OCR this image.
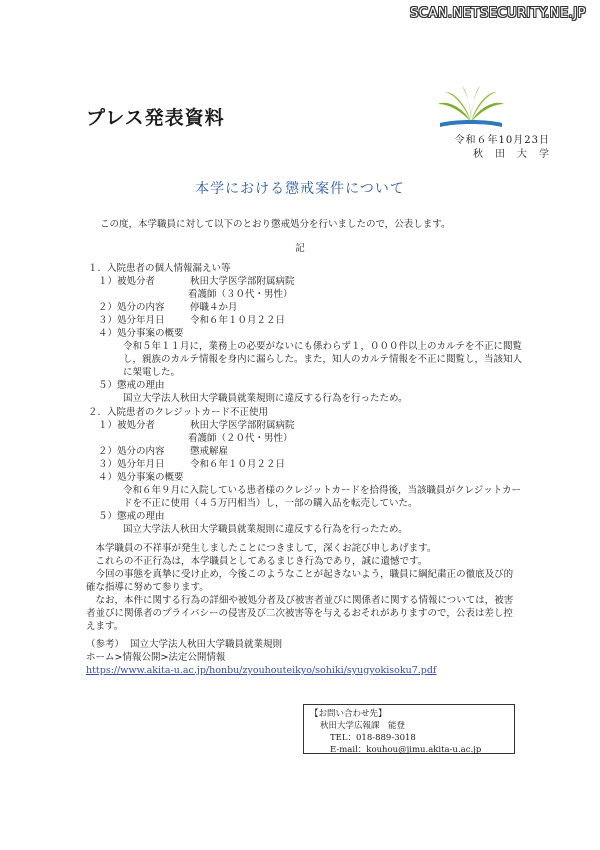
SCAN.NETSECURITY.NE.JP
プレス発表資料
令和６年10月23日
秋　田　大　学
本学における懲戒案件について
この度，本学職員に対して以下のとおり懲戒処分を行いましたので，公表します。
記
１．入院患者の個人情報漏えい等
１）被処分者	秋田大学医学部附属病院
看護師（３０代・男性）
２）処分の内容	停職４か月
３）処分年月日	令和６年１０月２２日
４）処分事案の概要
令和５年１１月に，業務上の必要がないにも係わらず１，０００件以上のカルテを不正に閲覧し，親族のカルテ情報を身内に漏らした。また，知人のカルテ情報を不正に閲覧し，当該知人に架電した。
５）懲戒の理由
国立大学法人秋田大学職員就業規則に違反する行為を行ったため。
２．入院患者のクレジットカード不正使用
１）被処分者	秋田大学医学部附属病院
看護師（２０代・男性）
２）処分の内容	懲戒解雇
３）処分年月日	令和６年１０月２２日
４）処分事案の概要
令和６年９月に入院している患者様のクレジットカードを拾得後，当該職員がクレジットカードを不正に使用（４５万円相当）し，一部の購入品を転売していた。
５）懲戒の理由
国立大学法人秋田大学職員就業規則に違反する行為を行ったため。

本学職員の不祥事が発生しましたことにつきまして，深くお詫び申しあげます。

これらの不正行為は，本学職員としてあるまじき行為であり，誠に遺憾です。

今回の事態を真摯に受け止め，今後このようなことが起きないよう，職員に綱紀粛正の徹底及び的確な指導に努めて参ります。

なお，本件に関する行為の詳細や被処分者及び被害者並びに関係者に関する情報については，被害者並びに関係者のプライバシーの侵害及び二次被害等を与えるおそれがありますので，公表は差し控えます。

（参考） 国立大学法人秋田大学職員就業規則
ホーム>情報公開>法定公開情報
https://www.akita-u.ac.jp/honbu/zyouhouteikyo/sohiki/syugyokisoku7.pdf
【お問い合わせ先】
秋田大学広報課　能登
TEL：018-889-3018
E-mail：kouhou@jimu.akita-u.ac.jp
